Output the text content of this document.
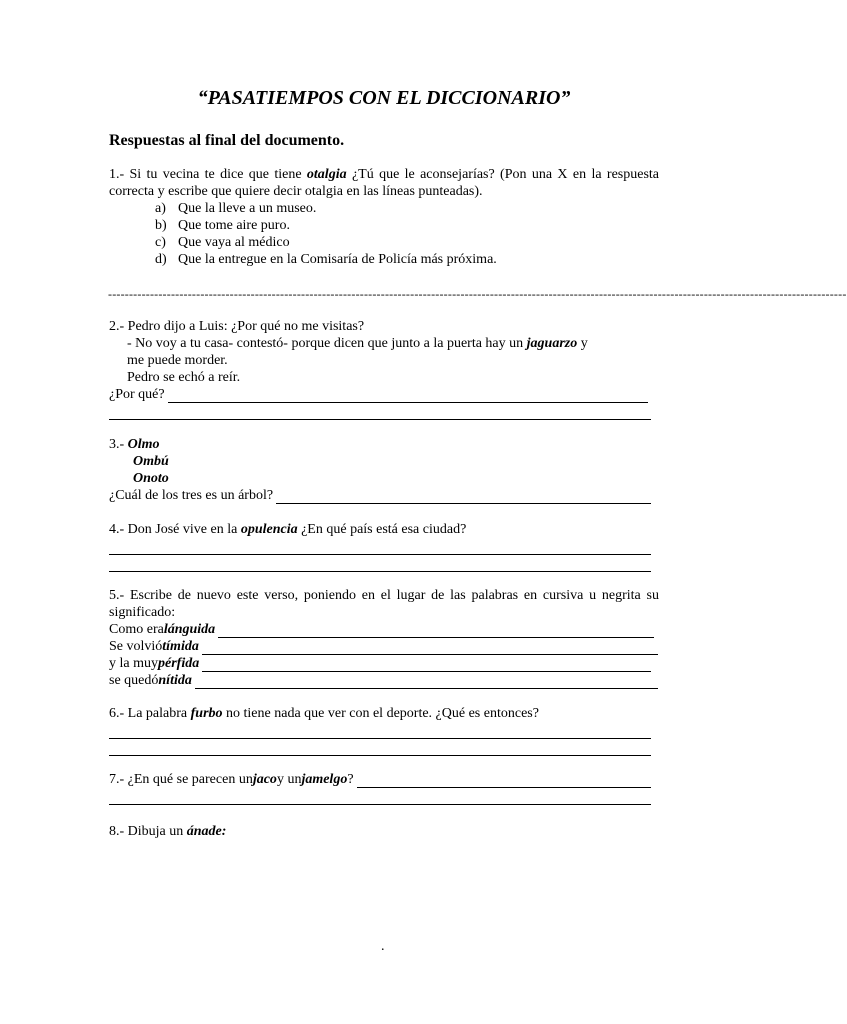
“PASATIEMPOS CON EL DICCIONARIO”
Respuestas al final del documento.
1.- Si tu vecina te dice que tiene otalgia ¿Tú que le aconsejarías? (Pon una X en la respuesta correcta y escribe que quiere decir otalgia en las líneas punteadas).
a) Que la lleve a un museo.
b) Que tome aire puro.
c) Que vaya al médico
d) Que la entregue en la Comisaría de Policía más próxima.
--------------------------------------------------------------------------------------------------------------------------------------------------------------------------------
2.- Pedro dijo a Luis: ¿Por qué no me visitas?
- No voy a tu casa- contestó- porque dicen que junto a la puerta hay un jaguarzo y
me puede morder.
Pedro se echó a reír.
¿Por qué?
3.- Olmo
Ombú
Onoto
¿Cuál de los tres es un árbol?
4.- Don José vive en la opulencia ¿En qué país está esa ciudad?
5.- Escribe de nuevo este verso, poniendo en el lugar de las palabras en cursiva u negrita su significado:
Como era lánguida
Se volvió tímida
y la muy pérfida
se quedó nítida
6.- La palabra furbo no tiene nada que ver con el deporte. ¿Qué es entonces?
7.- ¿En qué se parecen un jaco y un jamelgo ?
8.- Dibuja un ánade:
.
